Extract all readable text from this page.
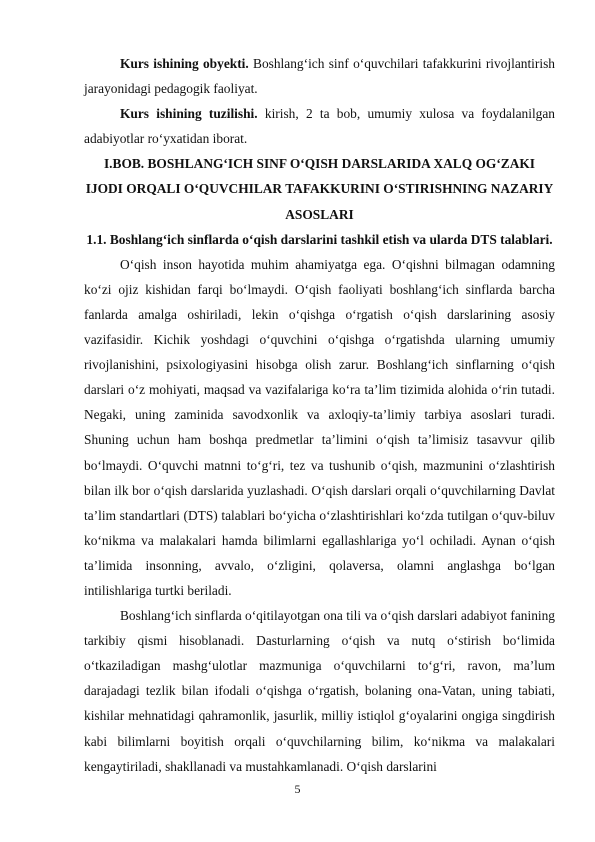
Kurs ishining obyekti. Boshlang‘ich sinf o‘quvchilari tafakkurini rivojlantirish jarayonidagi pedagogik faoliyat.

Kurs ishining tuzilishi. kirish, 2 ta bob, umumiy xulosa va foydalanilgan adabiyotlar ro‘yxatidan iborat.

I.BOB. BOSHLANG‘ICH SINF O‘QISH DARSLARIDA XALQ OG‘ZAKI IJODI ORQALI O‘QUVCHILAR TAFAKKURINI O‘STIRISHNING NAZARIY ASOSLARI
1.1. Boshlang‘ich sinflarda o‘qish darslarini tashkil etish va ularda DTS talablari.

O‘qish inson hayotida muhim ahamiyatga ega. O‘qishni bilmagan odamning ko‘zi ojiz kishidan farqi bo‘lmaydi. O‘qish faoliyati boshlang‘ich sinflarda barcha fanlarda amalga oshiriladi, lekin o‘qishga o‘rgatish o‘qish darslarining asosiy vazifasidir. Kichik yoshdagi o‘quvchini o‘qishga o‘rgatishda ularning umumiy rivojlanishini, psixologiyasini hisobga olish zarur. Boshlang‘ich sinflarning o‘qish darslari o‘z mohiyati, maqsad va vazifalariga ko‘ra ta’lim tizimida alohida o‘rin tutadi. Negaki, uning zaminida savodxonlik va axloqiy-ta’limiy tarbiya asoslari turadi. Shuning uchun ham boshqa predmetlar ta’limini o‘qish ta’limisiz tasavvur qilib bo‘lmaydi. O‘quvchi matnni to‘g‘ri, tez va tushunib o‘qish, mazmunini o‘zlashtirish bilan ilk bor o‘qish darslarida yuzlashadi. O‘qish darslari orqali o‘quvchilarning Davlat ta’lim standartlari (DTS) talablari bo‘yicha o‘zlashtirishlari ko‘zda tutilgan o‘quv-biluv ko‘nikma va malakalari hamda bilimlarni egallashlariga yo‘l ochiladi. Aynan o‘qish ta’limida insonning, avvalo, o‘zligini, qolaversa, olamni anglashga bo‘lgan intilishlariga turtki beriladi.

Boshlang‘ich sinflarda o‘qitilayotgan ona tili va o‘qish darslari adabiyot fanining tarkibiy qismi hisoblanadi. Dasturlarning o‘qish va nutq o‘stirish bo‘limida o‘tkaziladigan mashg‘ulotlar mazmuniga o‘quvchilarni to‘g‘ri, ravon, ma’lum darajadagi tezlik bilan ifodali o‘qishga o‘rgatish, bolaning ona-Vatan, uning tabiati, kishilar mehnatidagi qahramonlik, jasurlik, milliy istiqlol g‘oyalarini ongiga singdirish kabi bilimlarni boyitish orqali o‘quvchilarning bilim, ko‘nikma va malakalari kengaytiriladi, shakllanadi va mustahkamlanadi. O‘qish darslarini

5
